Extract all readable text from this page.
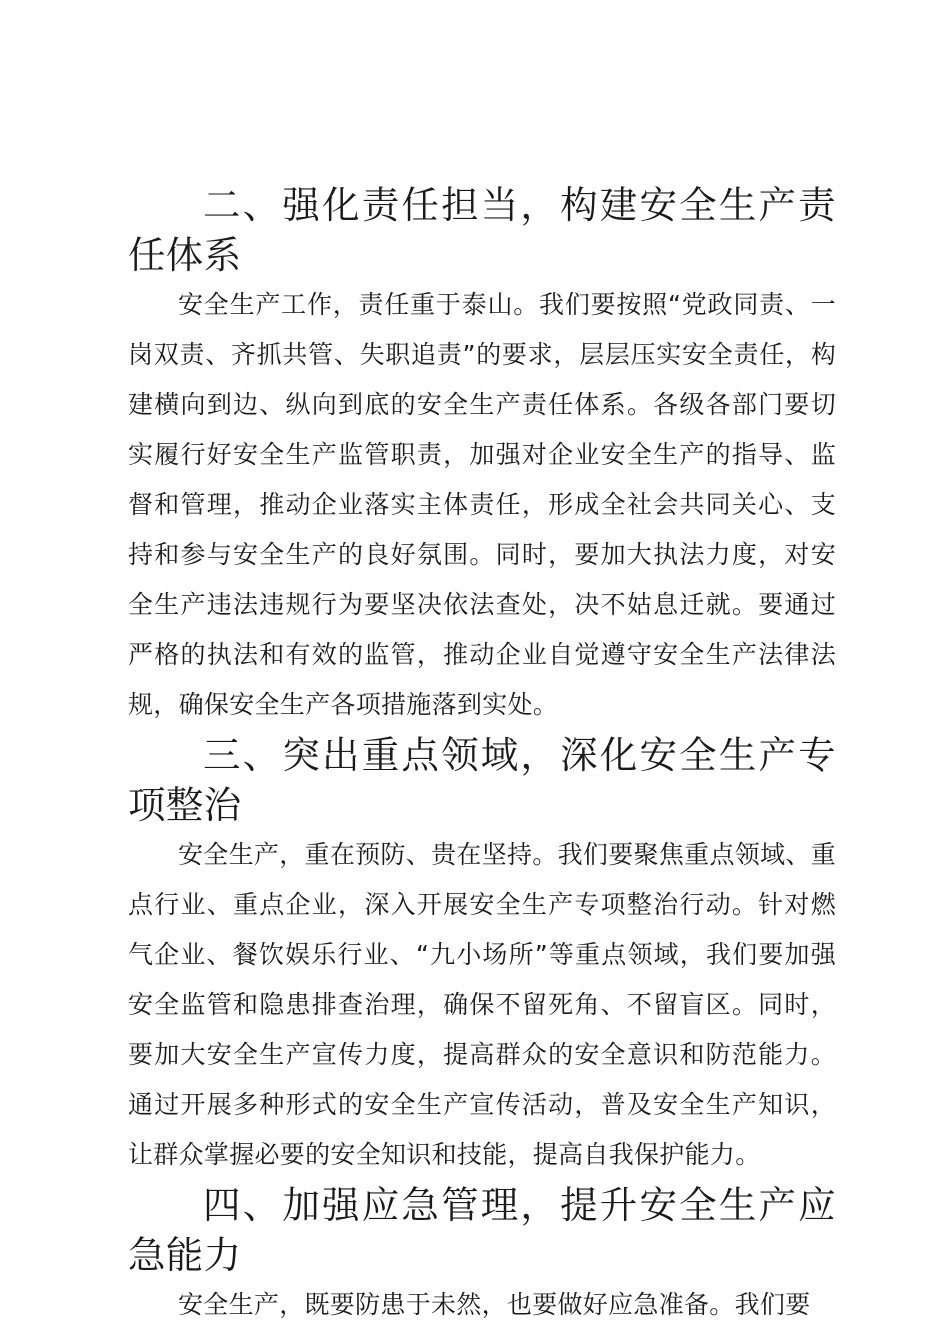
二、强化责任担当，构建安全生产责任体系

安全生产工作，责任重于泰山。我们要按照“党政同责、一岗双责、齐抓共管、失职追责”的要求，层层压实安全责任，构建横向到边、纵向到底的安全生产责任体系。各级各部门要切实履行好安全生产监管职责，加强对企业安全生产的指导、监督和管理，推动企业落实主体责任，形成全社会共同关心、支持和参与安全生产的良好氛围。同时，要加大执法力度，对安全生产违法违规行为要坚决依法查处，决不姑息迁就。要通过严格的执法和有效的监管，推动企业自觉遵守安全生产法律法规，确保安全生产各项措施落到实处。

三、突出重点领域，深化安全生产专项整治

安全生产，重在预防、贵在坚持。我们要聚焦重点领域、重点行业、重点企业，深入开展安全生产专项整治行动。针对燃气企业、餐饮娱乐行业、“九小场所”等重点领域，我们要加强安全监管和隐患排查治理，确保不留死角、不留盲区。同时，要加大安全生产宣传力度，提高群众的安全意识和防范能力。通过开展多种形式的安全生产宣传活动，普及安全生产知识，让群众掌握必要的安全知识和技能，提高自我保护能力。

四、加强应急管理，提升安全生产应急能力

安全生产，既要防患于未然，也要做好应急准备。我们要
